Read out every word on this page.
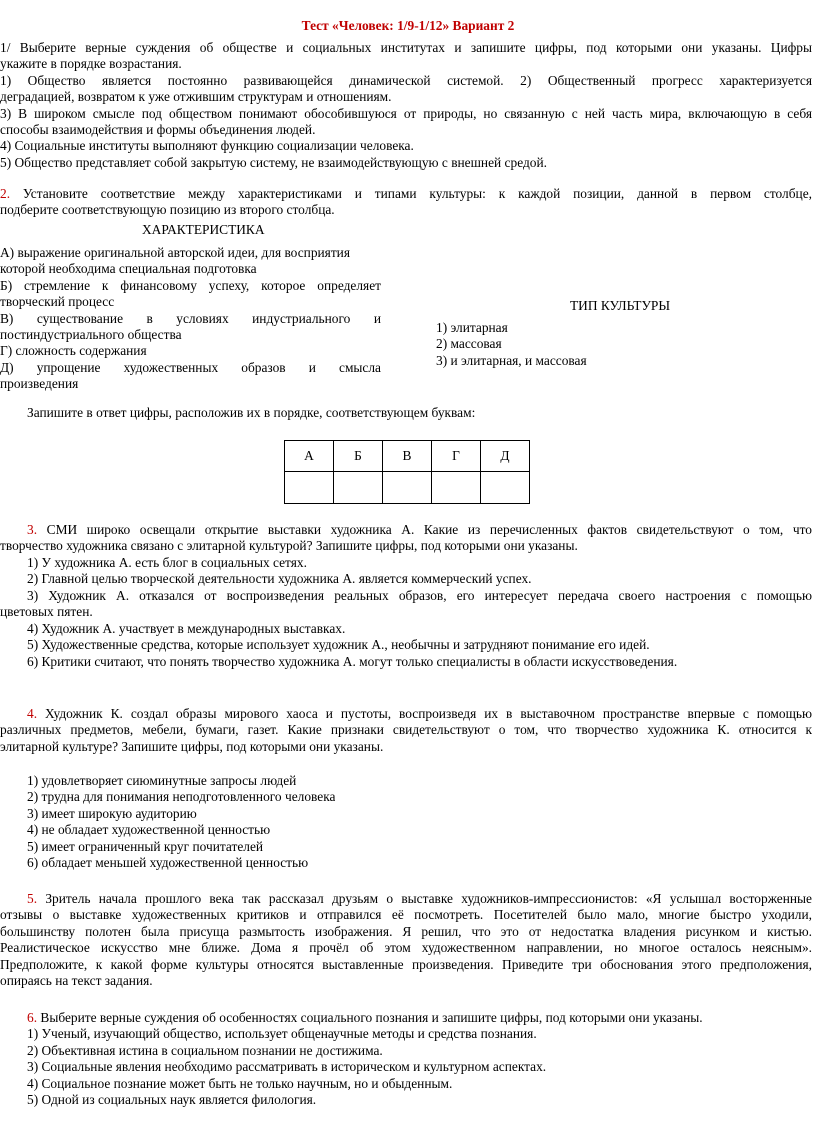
Тест «Человек: 1/9-1/12» Вариант 2
1/ Выберите верные суждения об обществе и социальных институтах и запишите цифры, под которыми они указаны. Цифры
укажите в порядке возрастания.
1) Общество является постоянно развивающейся динамической системой. 2) Общественный прогресс характеризуется
деградацией, возвратом к уже отжившим структурам и отношениям.
3) В широком смысле под обществом понимают обособившуюся от природы, но связанную с ней часть мира, включающую в себя
способы взаимодействия и формы объединения людей.
4) Социальные институты выполняют функцию социализации человека.
5) Общество представляет собой закрытую систему, не взаимодействующую с внешней средой.
2. Установите соответствие между характеристиками и типами культуры: к каждой позиции, данной в первом столбце,
подберите соответствующую позицию из второго столбца.
ХАРАКТЕРИСТИКА
А) выражение оригинальной авторской идеи, для восприятия
которой необходима специальная подготовка
Б) стремление к финансовому успеху, которое определяет
творческий процесс
В) существование в условиях индустриального и
постиндустриального общества
Г) сложность содержания
Д) упрощение художественных образов и смысла
произведения
ТИП КУЛЬТУРЫ
1) элитарная
2) массовая
3) и элитарная, и массовая
Запишите в ответ цифры, расположив их в порядке, соответствующем буквам:
А	Б	В	Г	Д

3. СМИ широко освещали открытие выставки художника А. Какие из перечисленных фактов свидетельствуют о том, что
творчество художника связано с элитарной культурой? Запишите цифры, под которыми они указаны.
1) У художника А. есть блог в социальных сетях.
2) Главной целью творческой деятельности художника А. является коммерческий успех.
3) Художник А. отказался от воспроизведения реальных образов, его интересует передача своего настроения с помощью
цветовых пятен.
4) Художник А. участвует в международных выставках.
5) Художественные средства, которые использует художник А., необычны и затрудняют понимание его идей.
6) Критики считают, что понять творчество художника А. могут только специалисты в области искусствоведения.
4. Художник К. создал образы мирового хаоса и пустоты, воспроизведя их в выставочном пространстве впервые с помощью
различных предметов, мебели, бумаги, газет. Какие признаки свидетельствуют о том, что творчество художника К. относится к
элитарной культуре? Запишите цифры, под которыми они указаны.
1) удовлетворяет сиюминутные запросы людей
2) трудна для понимания неподготовленного человека
3) имеет широкую аудиторию
4) не обладает художественной ценностью
5) имеет ограниченный круг почитателей
6) обладает меньшей художественной ценностью
5. Зритель начала прошлого века так рассказал друзьям о выставке художников-импрессионистов: «Я услышал восторженные
отзывы о выставке художественных критиков и отправился её посмотреть. Посетителей было мало, многие быстро уходили,
большинству полотен была присуща размытость изображения. Я решил, что это от недостатка владения рисунком и кистью.
Реалистическое искусство мне ближе. Дома я прочёл об этом художественном направлении, но многое осталось неясным».
Предположите, к какой форме культуры относятся выставленные произведения. Приведите три обоснования этого предположения,
опираясь на текст задания.
6. Выберите верные суждения об особенностях социального познания и запишите цифры, под которыми они указаны.
1) Ученый, изучающий общество, использует общенаучные методы и средства познания.
2) Объективная истина в социальном познании не достижима.
3) Социальные явления необходимо рассматривать в историческом и культурном аспектах.
4) Социальное познание может быть не только научным, но и обыденным.
5) Одной из социальных наук является филология.
